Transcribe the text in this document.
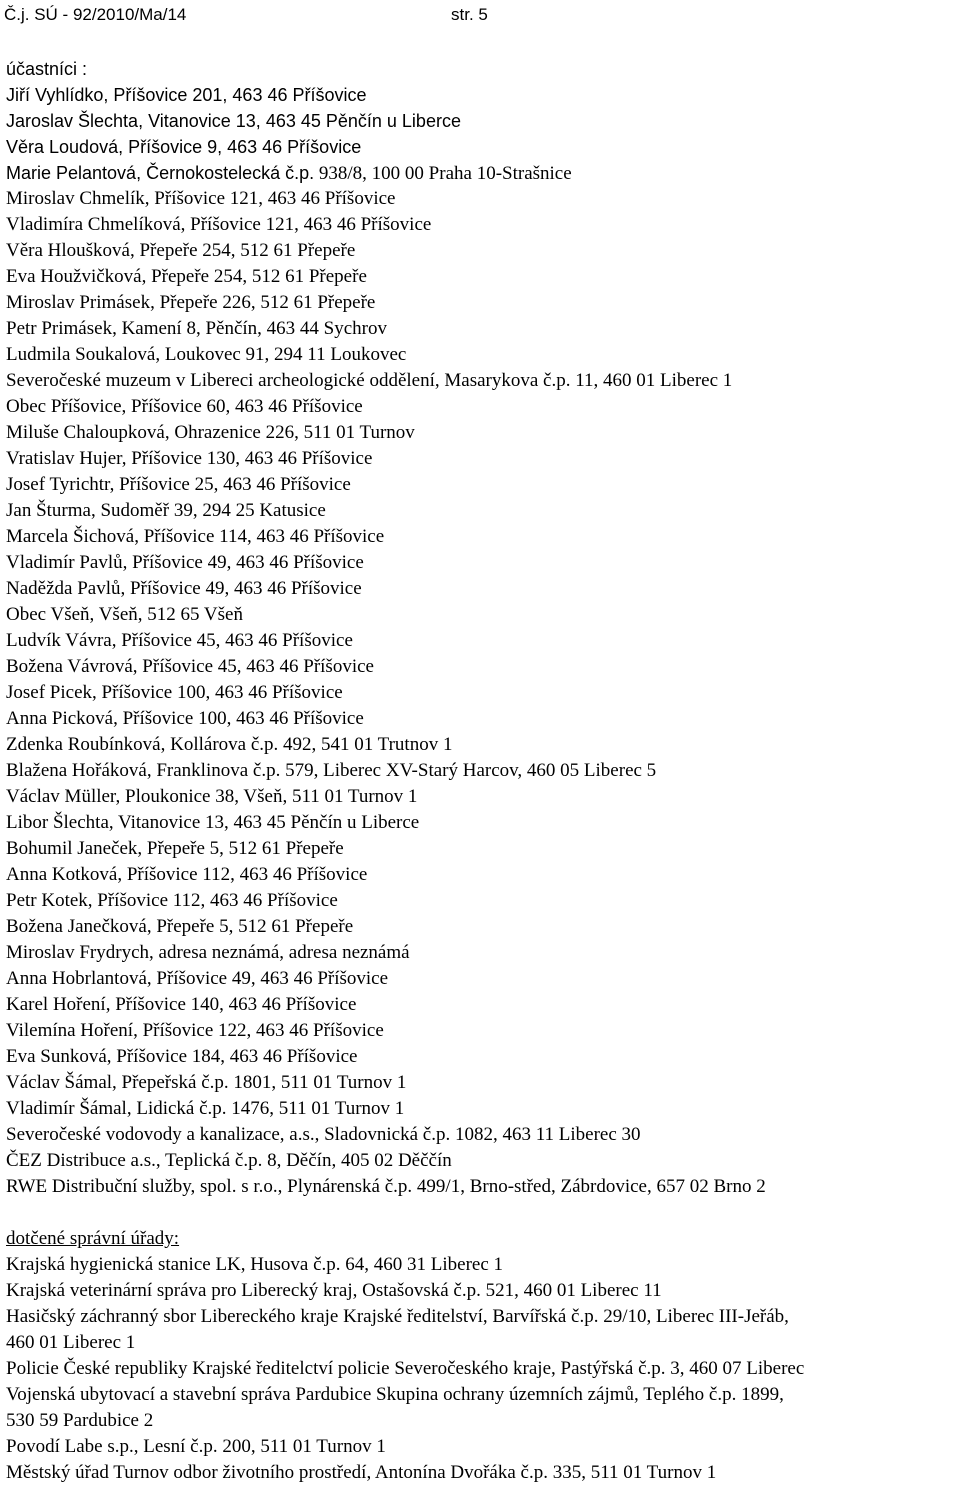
Č.j. SÚ - 92/2010/Ma/14	str. 5
účastníci :
Jiří Vyhlídko, Příšovice 201, 463 46 Příšovice
Jaroslav Šlechta, Vitanovice 13, 463 45 Pěnčín u Liberce
Věra Loudová, Příšovice 9, 463 46 Příšovice
Marie Pelantová, Černokostelecká č.p. 938/8, 100 00 Praha 10-Strašnice
Miroslav Chmelík, Příšovice 121, 463 46 Příšovice
Vladimíra Chmelíková, Příšovice 121, 463 46 Příšovice
Věra Hloušková, Přepeře 254, 512 61 Přepeře
Eva Houžvičková, Přepeře 254, 512 61 Přepeře
Miroslav Primásek, Přepeře 226, 512 61 Přepeře
Petr Primásek, Kamení 8, Pěnčín, 463 44 Sychrov
Ludmila Soukalová, Loukovec 91, 294 11 Loukovec
Severočeské muzeum v Libereci archeologické oddělení, Masarykova č.p. 11, 460 01 Liberec 1
Obec Příšovice, Příšovice 60, 463 46 Příšovice
Miluše Chaloupková, Ohrazenice 226, 511 01 Turnov
Vratislav Hujer, Příšovice 130, 463 46 Příšovice
Josef Tyrichtr, Příšovice 25, 463 46 Příšovice
Jan Šturma, Sudoměř 39, 294 25 Katusice
Marcela Šichová, Příšovice 114, 463 46 Příšovice
Vladimír Pavlů, Příšovice 49, 463 46 Příšovice
Naděžda Pavlů, Příšovice 49, 463 46 Příšovice
Obec Všeň, Všeň, 512 65 Všeň
Ludvík Vávra, Příšovice 45, 463 46 Příšovice
Božena Vávrová, Příšovice 45, 463 46 Příšovice
Josef Picek, Příšovice 100, 463 46 Příšovice
Anna Picková, Příšovice 100, 463 46 Příšovice
Zdenka Roubínková, Kollárova č.p. 492, 541 01 Trutnov 1
Blažena Hořáková, Franklinova č.p. 579, Liberec XV-Starý Harcov, 460 05 Liberec 5
Václav Müller, Ploukonice 38, Všeň, 511 01 Turnov 1
Libor Šlechta, Vitanovice 13, 463 45 Pěnčín u Liberce
Bohumil Janeček, Přepeře 5, 512 61 Přepeře
Anna Kotková, Příšovice 112, 463 46 Příšovice
Petr Kotek, Příšovice 112, 463 46 Příšovice
Božena Janečková, Přepeře 5, 512 61 Přepeře
Miroslav Frydrych, adresa neznámá, adresa neznámá
Anna Hobrlantová, Příšovice 49, 463 46 Příšovice
Karel Hoření, Příšovice 140, 463 46 Příšovice
Vilemína Hoření, Příšovice 122, 463 46 Příšovice
Eva Sunková, Příšovice 184, 463 46 Příšovice
Václav Šámal, Přepeřská č.p. 1801, 511 01 Turnov 1
Vladimír Šámal, Lidická č.p. 1476, 511 01 Turnov 1
Severočeské vodovody a kanalizace, a.s., Sladovnická č.p. 1082, 463 11 Liberec 30
ČEZ Distribuce a.s., Teplická č.p. 8, Děčín, 405 02 Děččín
RWE Distribuční služby, spol. s r.o., Plynárenská č.p. 499/1, Brno-střed, Zábrdovice, 657 02 Brno 2
dotčené správní úřady:
Krajská hygienická stanice LK, Husova č.p. 64, 460 31 Liberec 1
Krajská veterinární správa pro Liberecký kraj, Ostašovská č.p. 521, 460 01 Liberec 11
Hasičský záchranný sbor Libereckého kraje Krajské ředitelství, Barvířská č.p. 29/10, Liberec III-Jeřáb,
460 01 Liberec 1
Policie České republiky Krajské ředitelctví policie Severočeského kraje, Pastýřská č.p. 3, 460 07 Liberec
Vojenská ubytovací a stavební správa Pardubice Skupina ochrany územních zájmů, Teplého č.p. 1899,
530 59 Pardubice 2
Povodí Labe s.p., Lesní č.p. 200, 511 01 Turnov 1
Městský úřad Turnov odbor životního prostředí, Antonína Dvořáka č.p. 335, 511 01 Turnov 1
